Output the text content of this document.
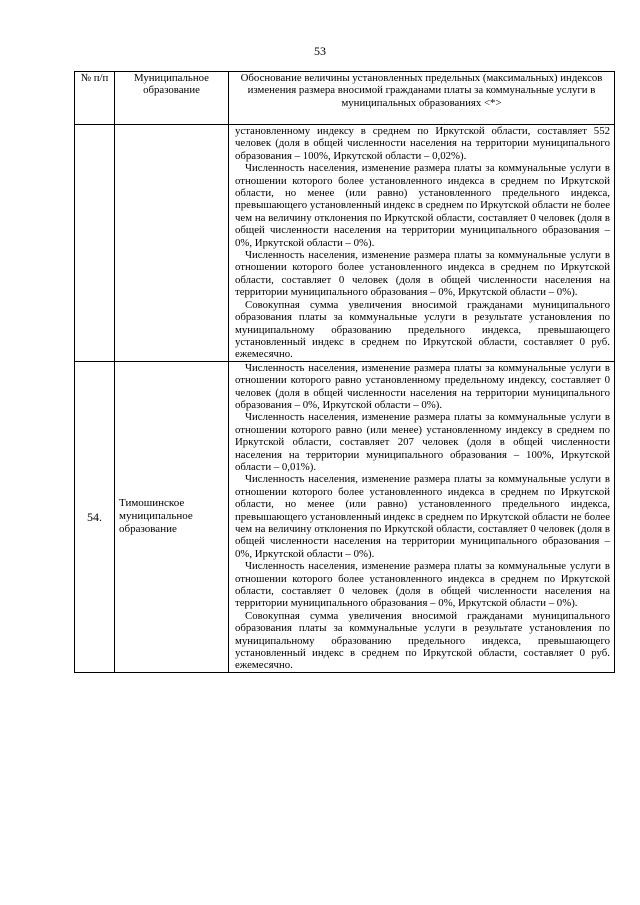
53
№ п/п	Муниципальное образование	Обоснование величины установленных предельных (максимальных) индексов изменения размера вносимой гражданами платы за коммунальные услуги в муниципальных образованиях <*>

		установленному индексу в среднем по Иркутской области, составляет 552 человек (доля в общей численности населения на территории муниципального образования – 100%, Иркутской области – 0,02%).

Численность населения, изменение размера платы за коммунальные услуги в отношении которого более установленного индекса в среднем по Иркутской области, но менее (или равно) установленного предельного индекса, превышающего установленный индекс в среднем по Иркутской области не более чем на величину отклонения по Иркутской области, составляет 0 человек (доля в общей численности населения на территории муниципального образования – 0%, Иркутской области – 0%).

Численность населения, изменение размера платы за коммунальные услуги в отношении которого более установленного индекса в среднем по Иркутской области, составляет 0 человек (доля в общей численности населения на территории муниципального образования – 0%, Иркутской области – 0%).

Совокупная сумма увеличения вносимой гражданами муниципального образования платы за коммунальные услуги в результате установления по муниципальному образованию предельного индекса, превышающего установленный индекс в среднем по Иркутской области, составляет 0 руб. ежемесячно.

54.	Тимошинское муниципальное образование	Численность населения, изменение размера платы за коммунальные услуги в отношении которого равно установленному предельному индексу, составляет 0 человек (доля в общей численности населения на территории муниципального образования – 0%, Иркутской области – 0%).

Численность населения, изменение размера платы за коммунальные услуги в отношении которого равно (или менее) установленному индексу в среднем по Иркутской области, составляет 207 человек (доля в общей численности населения на территории муниципального образования – 100%, Иркутской области – 0,01%).

Численность населения, изменение размера платы за коммунальные услуги в отношении которого более установленного индекса в среднем по Иркутской области, но менее (или равно) установленного предельного индекса, превышающего установленный индекс в среднем по Иркутской области не более чем на величину отклонения по Иркутской области, составляет 0 человек (доля в общей численности населения на территории муниципального образования – 0%, Иркутской области – 0%).

Численность населения, изменение размера платы за коммунальные услуги в отношении которого более установленного индекса в среднем по Иркутской области, составляет 0 человек (доля в общей численности населения на территории муниципального образования – 0%, Иркутской области – 0%).

Совокупная сумма увеличения вносимой гражданами муниципального образования платы за коммунальные услуги в результате установления по муниципальному образованию предельного индекса, превышающего установленный индекс в среднем по Иркутской области, составляет 0 руб. ежемесячно.
